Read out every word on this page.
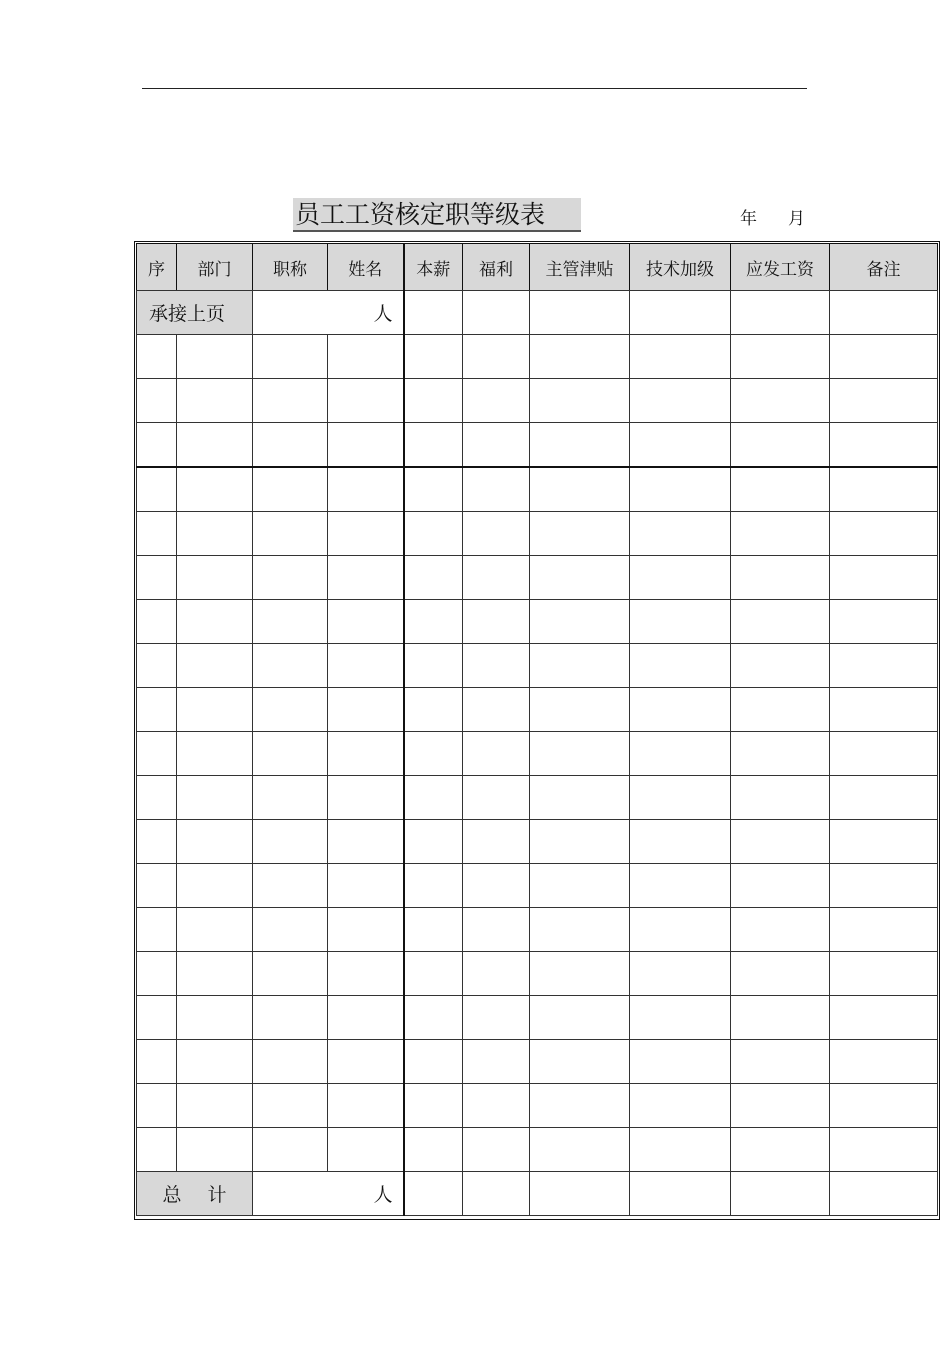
员工工资核定职等级表	年 月
序	部门	职称	姓名	本薪	福利	主管津贴	技术加级	应发工资	备注
承接上页		人							

总 计		人							
